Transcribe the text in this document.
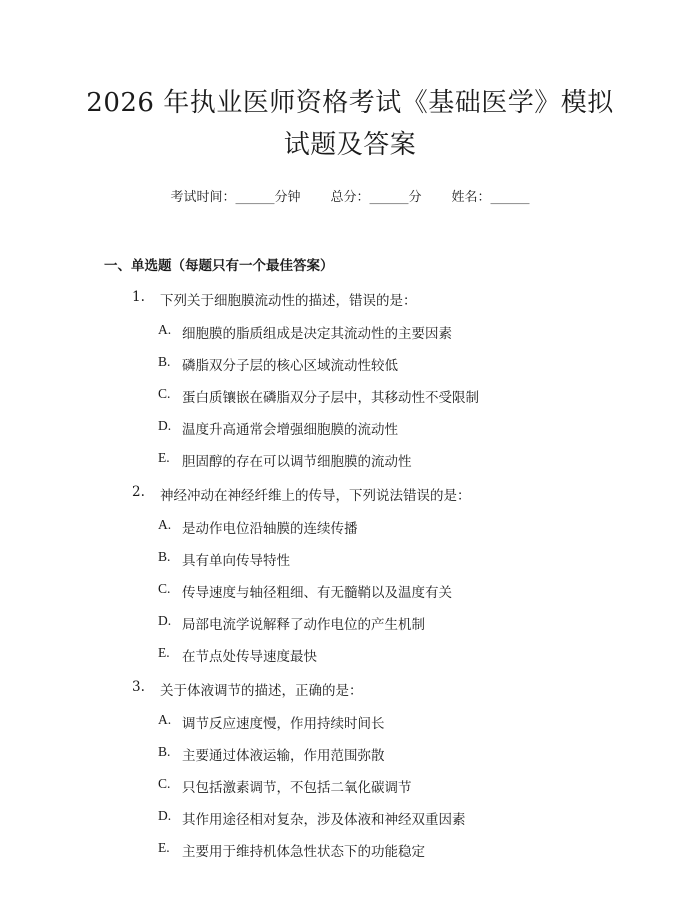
2026 年执业医师资格考试《基础医学》模拟
试题及答案
考试时间：______分钟 总分：______分 姓名：______
一、单选题（每题只有一个最佳答案）
1.	下列关于细胞膜流动性的描述，错误的是：
A. 细胞膜的脂质组成是决定其流动性的主要因素
B. 磷脂双分子层的核心区域流动性较低
C. 蛋白质镶嵌在磷脂双分子层中，其移动性不受限制
D. 温度升高通常会增强细胞膜的流动性
E. 胆固醇的存在可以调节细胞膜的流动性
2.	神经冲动在神经纤维上的传导，下列说法错误的是：
A. 是动作电位沿轴膜的连续传播
B. 具有单向传导特性
C. 传导速度与轴径粗细、有无髓鞘以及温度有关
D. 局部电流学说解释了动作电位的产生机制
E. 在节点处传导速度最快
3.	关于体液调节的描述，正确的是：
A. 调节反应速度慢，作用持续时间长
B. 主要通过体液运输，作用范围弥散
C. 只包括激素调节，不包括二氧化碳调节
D. 其作用途径相对复杂，涉及体液和神经双重因素
E. 主要用于维持机体急性状态下的功能稳定
